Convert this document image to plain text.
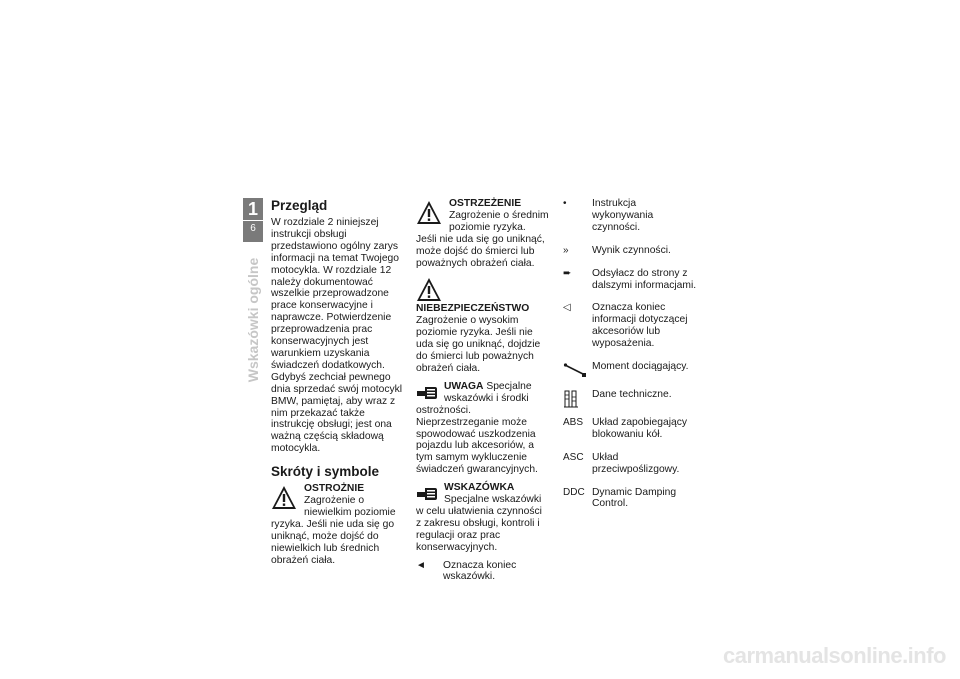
1
6
Wskazówki ogólne
Przegląd

W rozdziale 2 niniejszej instrukcji obsługi przedstawiono ogólny zarys informacji na temat Twojego motocykla. W rozdziale 12 należy dokumentować wszelkie przeprowadzone prace konserwacyjne i naprawcze. Potwierdzenie przeprowadzenia prac konserwacyjnych jest warunkiem uzyskania świadczeń dodatkowych.

Gdybyś zechciał pewnego dnia sprzedać swój motocykl BMW, pamiętaj, aby wraz z nim przekazać także instrukcję obsługi; jest ona ważną częścią składową motocykla.

Skróty i symbole
OSTROŻNIE Zagrożenie o niewielkim poziomie ryzyka. Jeśli nie uda się go uniknąć, może dojść do niewielkich lub średnich obrażeń ciała.
OSTRZEŻENIE Zagrożenie o średnim poziomie ryzyka. Jeśli nie uda się go uniknąć, może dojść do śmierci lub poważnych obrażeń ciała.
NIEBEZPIECZEŃSTWO Zagrożenie o wysokim poziomie ryzyka. Jeśli nie uda się go uniknąć, dojdzie do śmierci lub poważnych obrażeń ciała.
UWAGA Specjalne wskazówki i środki ostrożności. Nieprzestrzeganie może spowodować uszkodzenia pojazdu lub akcesoriów, a tym samym wykluczenie świadczeń gwarancyjnych.
WSKAZÓWKA Specjalne wskazówki w celu ułatwienia czynności z zakresu obsługi, kontroli i regulacji oraz prac konserwacyjnych.
◄	Oznacza koniec wskazówki.
•	Instrukcja wykonywania czynności.
»	Wynik czynności.
➨	Odsyłacz do strony z dalszymi informacjami.
◁	Oznacza koniec informacji dotyczącej akcesoriów lub wyposażenia.
Moment dociągający.
Dane techniczne.
ABS Układ zapobiegający blokowaniu kół.
ASC Układ przeciwpoślizgowy.
DDC Dynamic Damping Control.
carmanualsonline.info
